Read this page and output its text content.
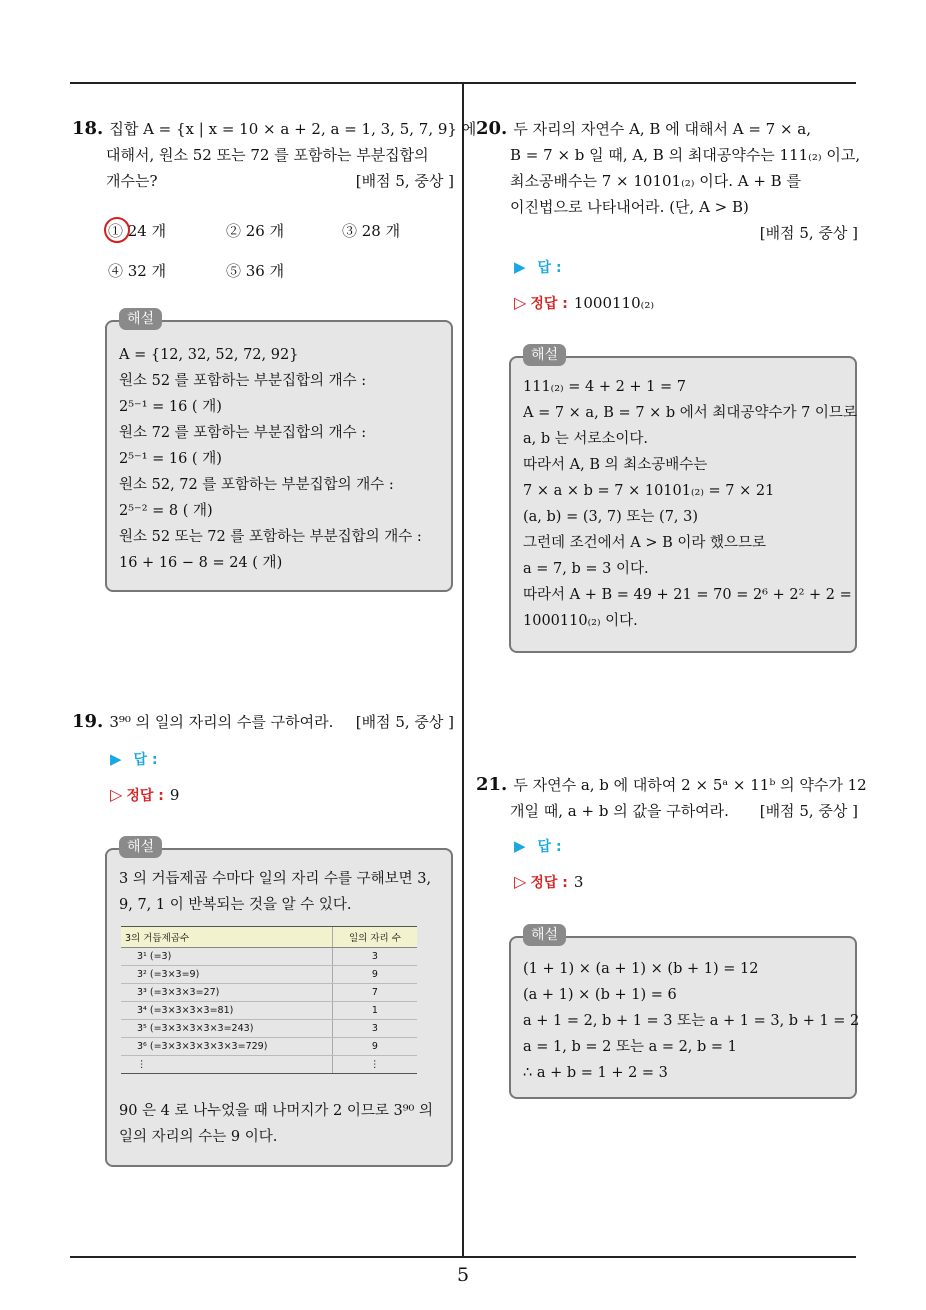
5
18. 집합 A = {x | x = 10 × a + 2, a = 1, 3, 5, 7, 9} 에
대해서, 원소 52 또는 72 를 포함하는 부분집합의
개수는?	[배점 5, 중상 ]
① 24 개	② 26 개	③ 28 개
④ 32 개	⑤ 36 개
해설
A = {12, 32, 52, 72, 92}
원소 52 를 포함하는 부분집합의 개수 :
2⁵⁻¹ = 16 ( 개)
원소 72 를 포함하는 부분집합의 개수 :
2⁵⁻¹ = 16 ( 개)
원소 52, 72 를 포함하는 부분집합의 개수 :
2⁵⁻² = 8 ( 개)
원소 52 또는 72 를 포함하는 부분집합의 개수 :
16 + 16 − 8 = 24 ( 개)
19. 3⁹⁰ 의 일의 자리의 수를 구하여라. [배점 5, 중상 ]
▶ 답 :
▷ 정답 : 9
해설
3 의 거듭제곱 수마다 일의 자리 수를 구해보면 3,
9, 7, 1 이 반복되는 것을 알 수 있다.
3의 거듭제곱수	일의 자리 수
3¹ (=3)	3
3² (=3×3=9)	9
3³ (=3×3×3=27)	7
3⁴ (=3×3×3×3=81)	1
3⁵ (=3×3×3×3×3=243)	3
3⁶ (=3×3×3×3×3×3=729)	9
⋮	⋮
90 은 4 로 나누었을 때 나머지가 2 이므로 3⁹⁰ 의
일의 자리의 수는 9 이다.
20. 두 자리의 자연수 A, B 에 대해서 A = 7 × a,
B = 7 × b 일 때, A, B 의 최대공약수는 111₍₂₎ 이고,
최소공배수는 7 × 10101₍₂₎ 이다. A + B 를
이진법으로 나타내어라. (단, A > B)
[배점 5, 중상 ]
▶ 답 :
▷ 정답 : 1000110₍₂₎
해설
111₍₂₎ = 4 + 2 + 1 = 7
A = 7 × a, B = 7 × b 에서 최대공약수가 7 이므로
a, b 는 서로소이다.
따라서 A, B 의 최소공배수는
7 × a × b = 7 × 10101₍₂₎ = 7 × 21
(a, b) = (3, 7) 또는 (7, 3)
그런데 조건에서 A > B 이라 했으므로
a = 7, b = 3 이다.
따라서 A + B = 49 + 21 = 70 = 2⁶ + 2² + 2 =
1000110₍₂₎ 이다.
21. 두 자연수 a, b 에 대하여 2 × 5ᵃ × 11ᵇ 의 약수가 12
개일 때, a + b 의 값을 구하여라. [배점 5, 중상 ]
▶ 답 :
▷ 정답 : 3
해설
(1 + 1) × (a + 1) × (b + 1) = 12
(a + 1) × (b + 1) = 6
a + 1 = 2, b + 1 = 3 또는 a + 1 = 3, b + 1 = 2
a = 1, b = 2 또는 a = 2, b = 1
∴ a + b = 1 + 2 = 3
